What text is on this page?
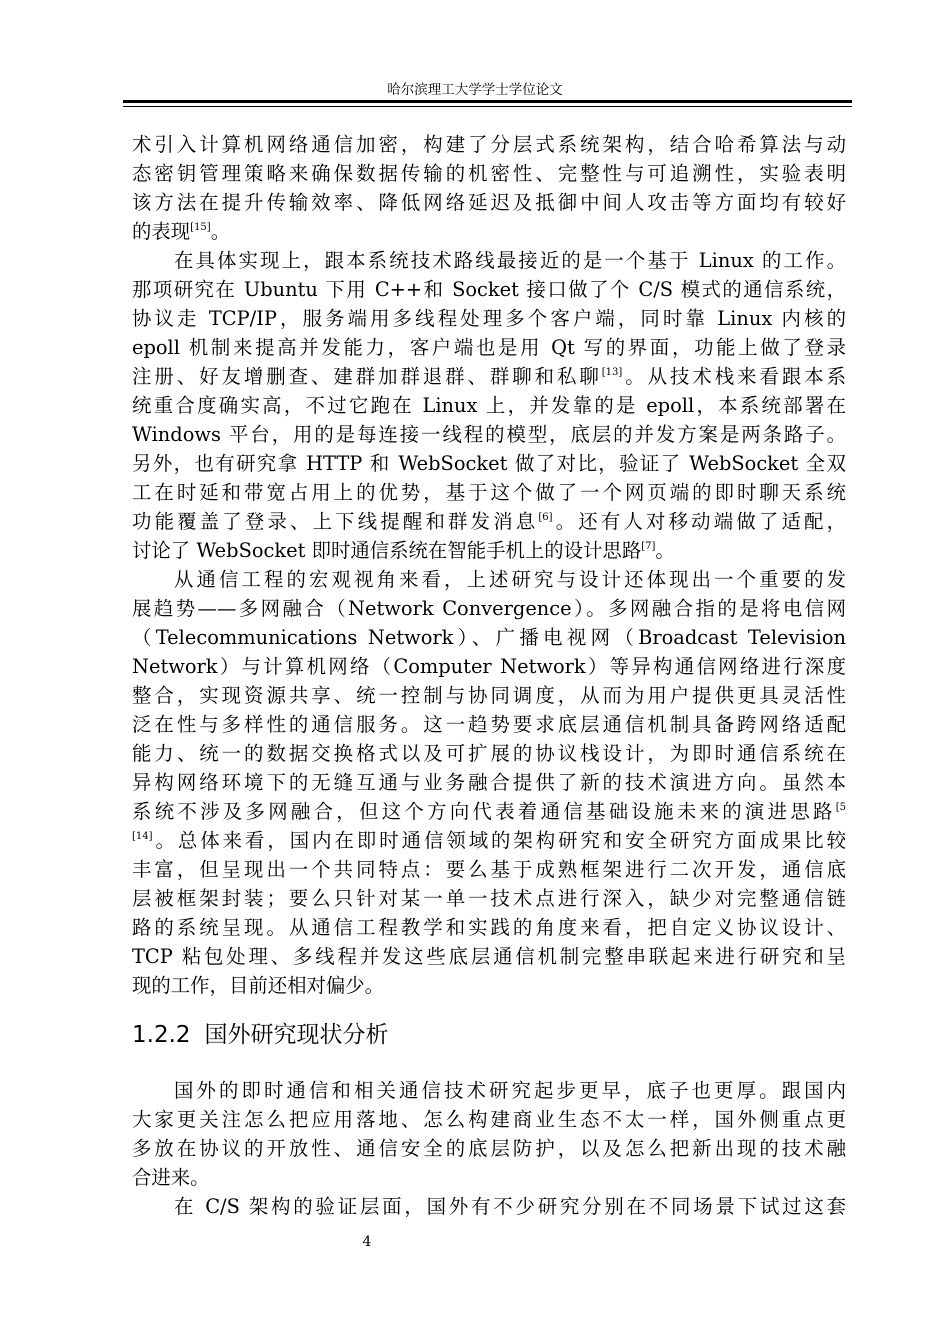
哈尔滨理工大学学士学位论文
术引入计算机网络通信加密，构建了分层式系统架构，结合哈希算法与动
态密钥管理策略来确保数据传输的机密性、完整性与可追溯性，实验表明
该方法在提升传输效率、降低网络延迟及抵御中间人攻击等方面均有较好
的表现[15]。
在具体实现上，跟本系统技术路线最接近的是一个基于 Linux 的工作。
那项研究在 Ubuntu 下用 C++和 Socket 接口做了个 C/S 模式的通信系统，
协议走 TCP/IP，服务端用多线程处理多个客户端，同时靠 Linux 内核的
epoll 机制来提高并发能力，客户端也是用 Qt 写的界面，功能上做了登录
注册、好友增删查、建群加群退群、群聊和私聊[13]。从技术栈来看跟本系
统重合度确实高，不过它跑在 Linux 上，并发靠的是 epoll，本系统部署在
Windows 平台，用的是每连接一线程的模型，底层的并发方案是两条路子。
另外，也有研究拿 HTTP 和 WebSocket 做了对比，验证了 WebSocket 全双
工在时延和带宽占用上的优势，基于这个做了一个网页端的即时聊天系统
功能覆盖了登录、上下线提醒和群发消息[6]。还有人对移动端做了适配，
讨论了 WebSocket 即时通信系统在智能手机上的设计思路[7]。
从通信工程的宏观视角来看，上述研究与设计还体现出一个重要的发
展趋势——多网融合（Network Convergence）。多网融合指的是将电信网
（Telecommunications Network）、广播电视网（Broadcast Television
Network）与计算机网络（Computer Network）等异构通信网络进行深度
整合，实现资源共享、统一控制与协同调度，从而为用户提供更具灵活性
泛在性与多样性的通信服务。这一趋势要求底层通信机制具备跨网络适配
能力、统一的数据交换格式以及可扩展的协议栈设计，为即时通信系统在
异构网络环境下的无缝互通与业务融合提供了新的技术演进方向。虽然本
系统不涉及多网融合，但这个方向代表着通信基础设施未来的演进思路$^{[5}$
[14]。总体来看，国内在即时通信领域的架构研究和安全研究方面成果比较
丰富，但呈现出一个共同特点：要么基于成熟框架进行二次开发，通信底
层被框架封装；要么只针对某一单一技术点进行深入，缺少对完整通信链
路的系统呈现。从通信工程教学和实践的角度来看，把自定义协议设计、
TCP 粘包处理、多线程并发这些底层通信机制完整串联起来进行研究和呈
现的工作，目前还相对偏少。
1.2.2 国外研究现状分析
国外的即时通信和相关通信技术研究起步更早，底子也更厚。跟国内
大家更关注怎么把应用落地、怎么构建商业生态不太一样，国外侧重点更
多放在协议的开放性、通信安全的底层防护，以及怎么把新出现的技术融
合进来。
在 C/S 架构的验证层面，国外有不少研究分别在不同场景下试过这套
4
